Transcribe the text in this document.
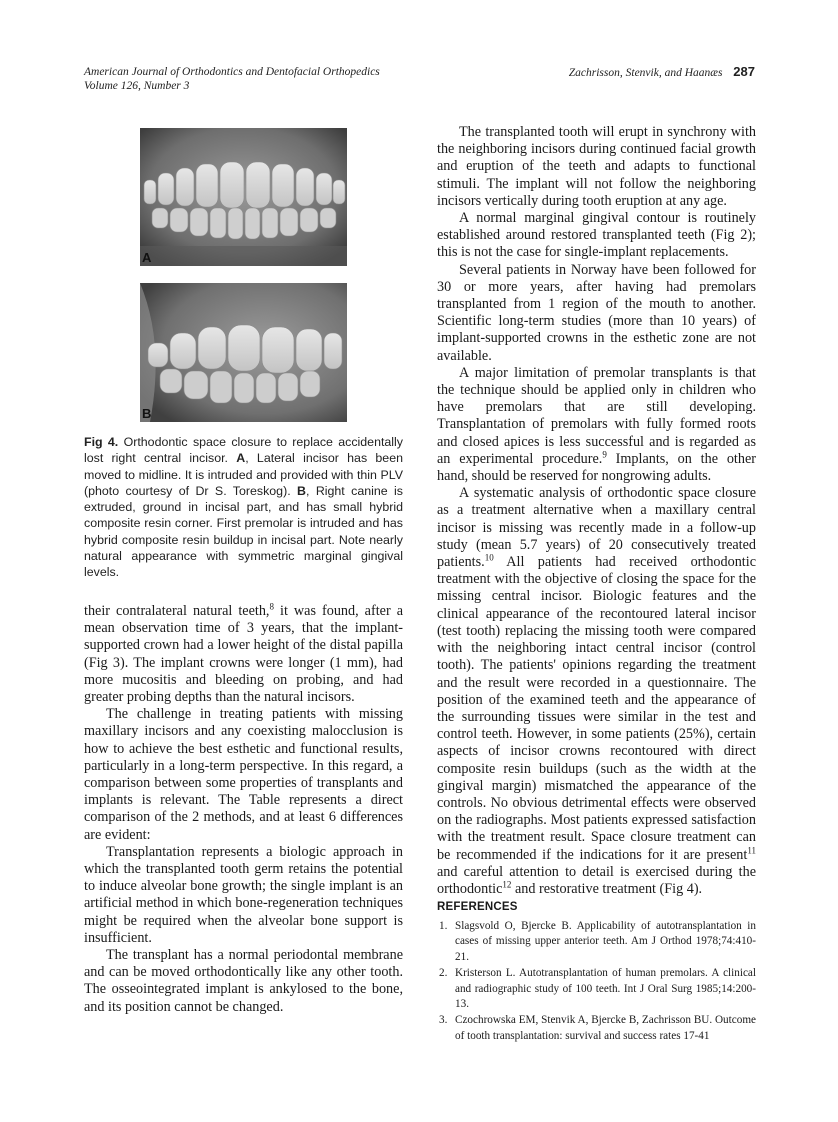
American Journal of Orthodontics and Dentofacial Orthopedics
Volume 126, Number 3
Zachrisson, Stenvik, and Haanæs 287
A
B
Fig 4. Orthodontic space closure to replace accidentally lost right central incisor. A, Lateral incisor has been moved to midline. It is intruded and provided with thin PLV (photo courtesy of Dr S. Toreskog). B, Right canine is extruded, ground in incisal part, and has small hybrid composite resin corner. First premolar is intruded and has hybrid composite resin buildup in incisal part. Note nearly natural appearance with symmetric marginal gingival levels.

their contralateral natural teeth,$^8$ it was found, after a mean observation time of 3 years, that the implant-supported crown had a lower height of the distal papilla (Fig 3). The implant crowns were longer (1 mm), had more mucositis and bleeding on probing, and had greater probing depths than the natural incisors.

The challenge in treating patients with missing maxillary incisors and any coexisting malocclusion is how to achieve the best esthetic and functional results, particularly in a long-term perspective. In this regard, a comparison between some properties of transplants and implants is relevant. The Table represents a direct comparison of the 2 methods, and at least 6 differences are evident:

Transplantation represents a biologic approach in which the transplanted tooth germ retains the potential to induce alveolar bone growth; the single implant is an artificial method in which bone-regeneration techniques might be required when the alveolar bone support is insufficient.

The transplant has a normal periodontal membrane and can be moved orthodontically like any other tooth. The osseointegrated implant is ankylosed to the bone, and its position cannot be changed.

The transplanted tooth will erupt in synchrony with the neighboring incisors during continued facial growth and eruption of the teeth and adapts to functional stimuli. The implant will not follow the neighboring incisors vertically during tooth eruption at any age.

A normal marginal gingival contour is routinely established around restored transplanted teeth (Fig 2); this is not the case for single-implant replacements.

Several patients in Norway have been followed for 30 or more years, after having had premolars transplanted from 1 region of the mouth to another. Scientific long-term studies (more than 10 years) of implant-supported crowns in the esthetic zone are not available.

A major limitation of premolar transplants is that the technique should be applied only in children who have premolars that are still developing. Transplantation of premolars with fully formed roots and closed apices is less successful and is regarded as an experimental procedure.$^9$ Implants, on the other hand, should be reserved for nongrowing adults.

A systematic analysis of orthodontic space closure as a treatment alternative when a maxillary central incisor is missing was recently made in a follow-up study (mean 5.7 years) of 20 consecutively treated patients.$^{10}$ All patients had received orthodontic treatment with the objective of closing the space for the missing central incisor. Biologic features and the clinical appearance of the recontoured lateral incisor (test tooth) replacing the missing tooth were compared with the neighboring intact central incisor (control tooth). The patients' opinions regarding the treatment and the result were recorded in a questionnaire. The position of the examined teeth and the appearance of the surrounding tissues were similar in the test and control teeth. However, in some patients (25%), certain aspects of incisor crowns recontoured with direct composite resin buildups (such as the width at the gingival margin) mismatched the appearance of the controls. No obvious detrimental effects were observed on the radiographs. Most patients expressed satisfaction with the treatment result. Space closure treatment can be recommended if the indications for it are present$^{11}$ and careful attention to detail is exercised during the orthodontic$^{12}$ and restorative treatment (Fig 4).

REFERENCES
1. Slagsvold O, Bjercke B. Applicability of autotransplantation in cases of missing upper anterior teeth. Am J Orthod 1978;74:410-21.
2. Kristerson L. Autotransplantation of human premolars. A clinical and radiographic study of 100 teeth. Int J Oral Surg 1985;14:200-13.
3. Czochrowska EM, Stenvik A, Bjercke B, Zachrisson BU. Outcome of tooth transplantation: survival and success rates 17-41
